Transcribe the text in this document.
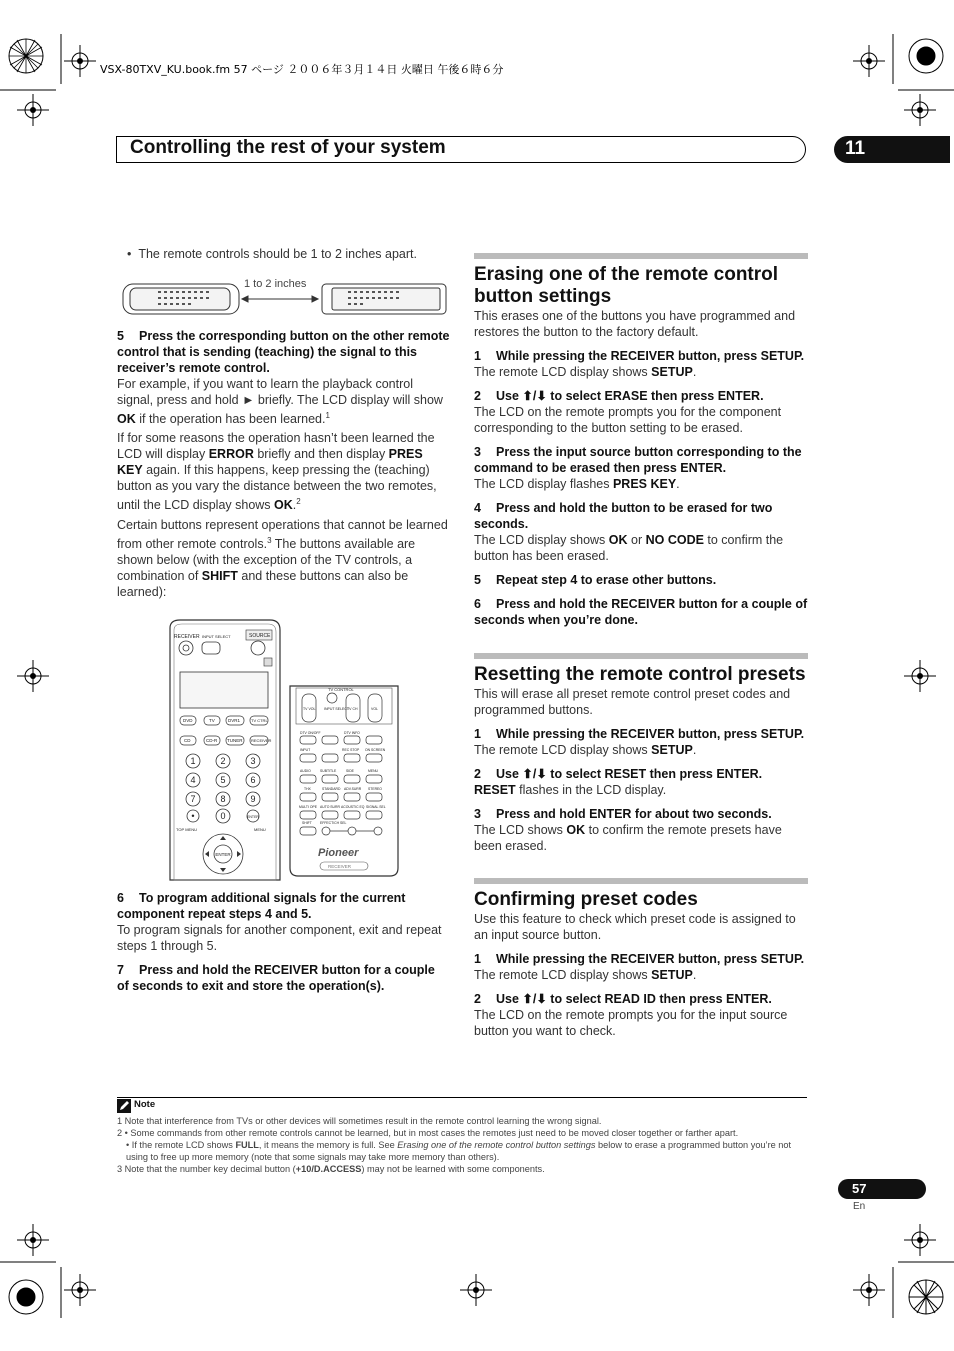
VSX-80TXV_KU.book.fm 57 ページ ２００６年３月１４日 火曜日 午後６時６分
Controlling the rest of your system	11

•  The remote controls should be 1 to 2 inches apart.

1 to 2 inches

5 Press the corresponding button on the other remote control that is sending (teaching) the signal to this receiver’s remote control.

For example, if you want to learn the playback control signal, press and hold ► briefly. The LCD display will show OK if the operation has been learned.$^1$

If for some reasons the operation hasn’t been learned the LCD will display ERROR briefly and then display PRES KEY again. If this happens, keep pressing the (teaching) button as you vary the distance between the two remotes, until the LCD display shows OK.$^2$

Certain buttons represent operations that cannot be learned from other remote controls.$^3$ The buttons available are shown below (with the exception of the TV controls, a combination of SHIFT and these buttons can also be learned):

RECEIVER INPUT SELECT	SOURCE
DVD	TV	DVR1	TV CTRL
CD	CD-R TUNER RECEIVER
1	2	3
4	5	6
7	8	9
•	0	ENTER
TOP MENU	MENU
ENTER
TV CONTROL
TV VOL INPUT SELECT
TV CH	VOL
DTV ON/OFF	DTV INFO
REC STOP ON SCREEN
INPUT
AUDIO	SUBTITLE	SIDE	MENU
THX	STANDARD ADV.SURR STEREO
MULTI OPE AUTO SURR ACOUSTIC EQ SIGNAL SEL
SHIFT EFFECT/CH SEL
Pioneer
RECEIVER

6 To program additional signals for the current component repeat steps 4 and 5.

To program signals for another component, exit and repeat steps 1 through 5.

7 Press and hold the RECEIVER button for a couple of seconds to exit and store the operation(s).

Erasing one of the remote control button settings

This erases one of the buttons you have programmed and restores the button to the factory default.

1 While pressing the RECEIVER button, press SETUP.

The remote LCD display shows SETUP.

2 Use ⬆/⬇ to select ERASE then press ENTER.

The LCD on the remote prompts you for the component corresponding to the button setting to be erased.

3 Press the input source button corresponding to the command to be erased then press ENTER.

The LCD display flashes PRES KEY.

4 Press and hold the button to be erased for two seconds.

The LCD display shows OK or NO CODE to confirm the button has been erased.

5 Repeat step 4 to erase other buttons.

6 Press and hold the RECEIVER button for a couple of seconds when you’re done.

Resetting the remote control presets

This will erase all preset remote control preset codes and programmed buttons.

1 While pressing the RECEIVER button, press SETUP.

The remote LCD display shows SETUP.

2 Use ⬆/⬇ to select RESET then press ENTER.

RESET flashes in the LCD display.

3 Press and hold ENTER for about two seconds.

The LCD shows OK to confirm the remote presets have been erased.

Confirming preset codes

Use this feature to check which preset code is assigned to an input source button.

1 While pressing the RECEIVER button, press SETUP.

The remote LCD display shows SETUP.

2 Use ⬆/⬇ to select READ ID then press ENTER.

The LCD on the remote prompts you for the input source button you want to check.

Note

1 Note that interference from TVs or other devices will sometimes result in the remote control learning the wrong signal.

2 • Some commands from other remote controls cannot be learned, but in most cases the remotes just need to be moved closer together or farther apart.

• If the remote LCD shows FULL, it means the memory is full. See Erasing one of the remote control button settings below to erase a programmed button you’re not using to free up more memory (note that some signals may take more memory than others).

3 Note that the number key decimal button (+10/D.ACCESS) may not be learned with some components.

57
En
